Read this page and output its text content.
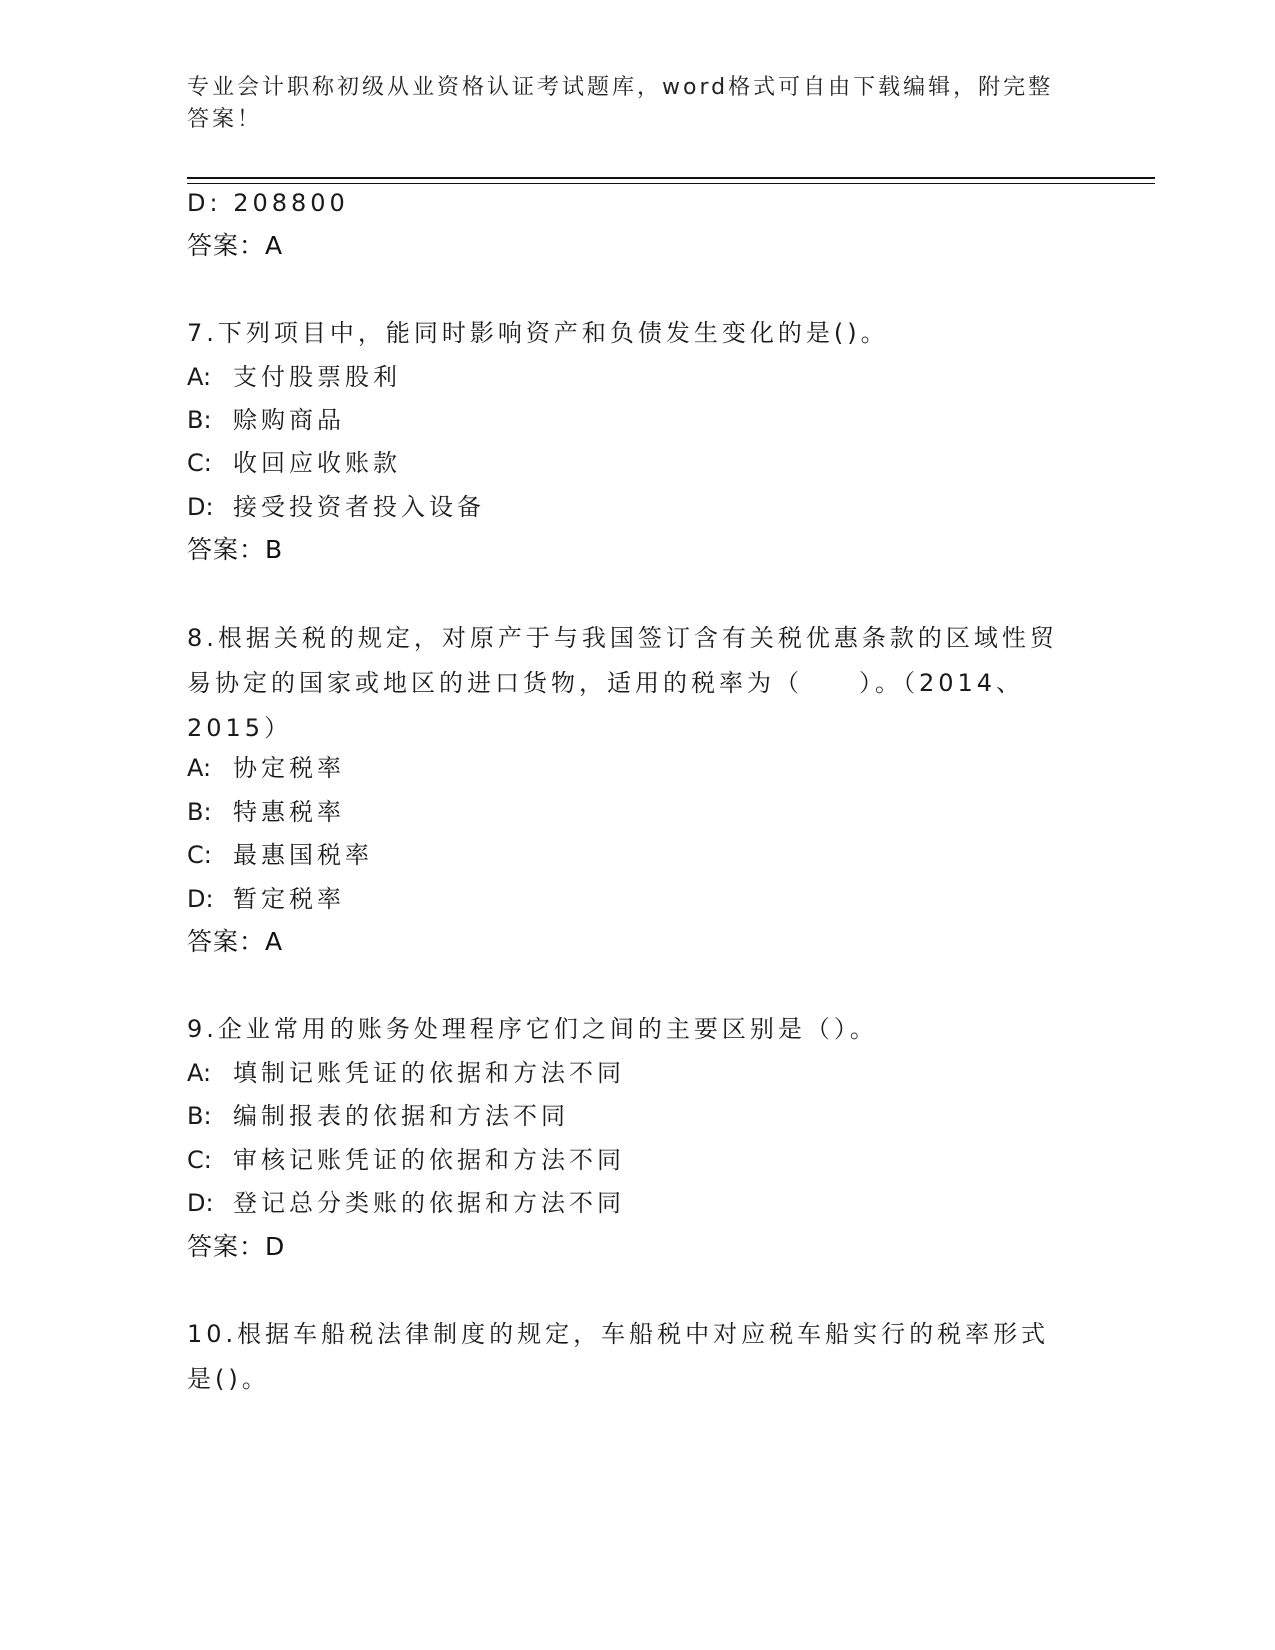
专业会计职称初级从业资格认证考试题库，word格式可自由下载编辑，附完整答案！
D: 208800
答案：A
7.下列项目中，能同时影响资产和负债发生变化的是()。
A: 支付股票股利
B: 赊购商品
C: 收回应收账款
D: 接受投资者投入设备
答案：B
8.根据关税的规定，对原产于与我国签订含有关税优惠条款的区域性贸易协定的国家或地区的进口货物，适用的税率为（　　）。（2014、2015）
A: 协定税率
B: 特惠税率
C: 最惠国税率
D: 暂定税率
答案：A
9.企业常用的账务处理程序它们之间的主要区别是（）。
A: 填制记账凭证的依据和方法不同
B: 编制报表的依据和方法不同
C: 审核记账凭证的依据和方法不同
D: 登记总分类账的依据和方法不同
答案：D
10.根据车船税法律制度的规定，车船税中对应税车船实行的税率形式是()。
